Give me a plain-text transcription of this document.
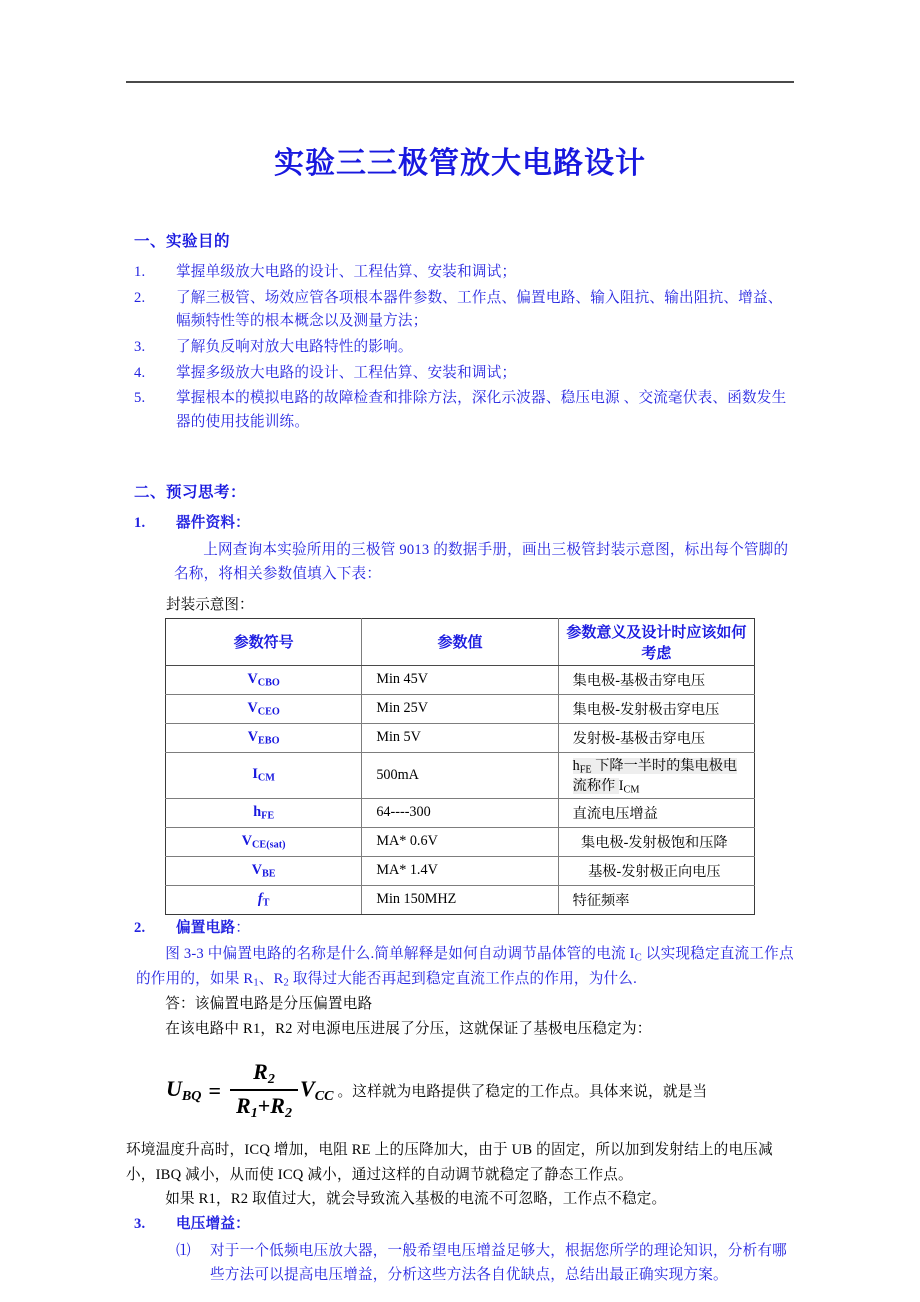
实验三三极管放大电路设计
一、实验目的
1.	掌握单级放大电路的设计、工程估算、安装和调试；
2.	了解三极管、场效应管各项根本器件参数、工作点、偏置电路、输入阻抗、输出阻抗、增益、幅频特性等的根本概念以及测量方法；
3.	了解负反响对放大电路特性的影响。
4.	掌握多级放大电路的设计、工程估算、安装和调试；
5.	掌握根本的模拟电路的故障检查和排除方法，深化示波器、稳压电源 、交流毫伏表、函数发生器的使用技能训练。
二、预习思考：
1.	器件资料：

上网查询本实验所用的三极管 9013 的数据手册，画出三极管封装示意图，标出每个管脚的名称，将相关参数值填入下表：

封装示意图：
参数符号	参数值	参数意义及设计时应该如何考虑
$V_{CBO}$	Min 45V	集电极-基极击穿电压
$V_{CEO}$	Min 25V	集电极-发射极击穿电压
$V_{EBO}$	Min 5V	发射极-基极击穿电压
$I_{CM}$	500mA	$h_{FE}$ 下降一半时的集电极电流称作 $I_{CM}$
$h_{FE}$	64----300	直流电压增益
$V_{CE(sat)}$	MA* 0.6V	集电极-发射极饱和压降
$V_{BE}$	MA* 1.4V	基极-发射极正向电压
$f_T$	Min 150MHZ	特征频率
2.	偏置电路：

图 3-3 中偏置电路的名称是什么.简单解释是如何自动调节晶体管的电流 $I_C$ 以实现稳定直流工作点的作用的，如果 $R_1$、$R_2$ 取得过大能否再起到稳定直流工作点的作用，为什么.

答：该偏置电路是分压偏置电路

在该电路中 R1，R2 对电源电压进展了分压，这就保证了基极电压稳定为：

$U_{BQ} = \frac{R_2}{R_1+R_2} V_{CC}$ 。这样就为电路提供了稳定的工作点。具体来说，就是当

环境温度升高时，ICQ 增加，电阻 RE 上的压降加大，由于 UB 的固定，所以加到发射结上的电压减小，IBQ 减小，从而使 ICQ 减小，通过这样的自动调节就稳定了静态工作点。

如果 R1，R2 取值过大，就会导致流入基极的电流不可忽略，工作点不稳定。

3.	电压增益：
⑴ 对于一个低频电压放大器，一般希望电压增益足够大，根据您所学的理论知识，分析有哪些方法可以提高电压增益，分析这些方法各自优缺点，总结出最正确实现方案。
